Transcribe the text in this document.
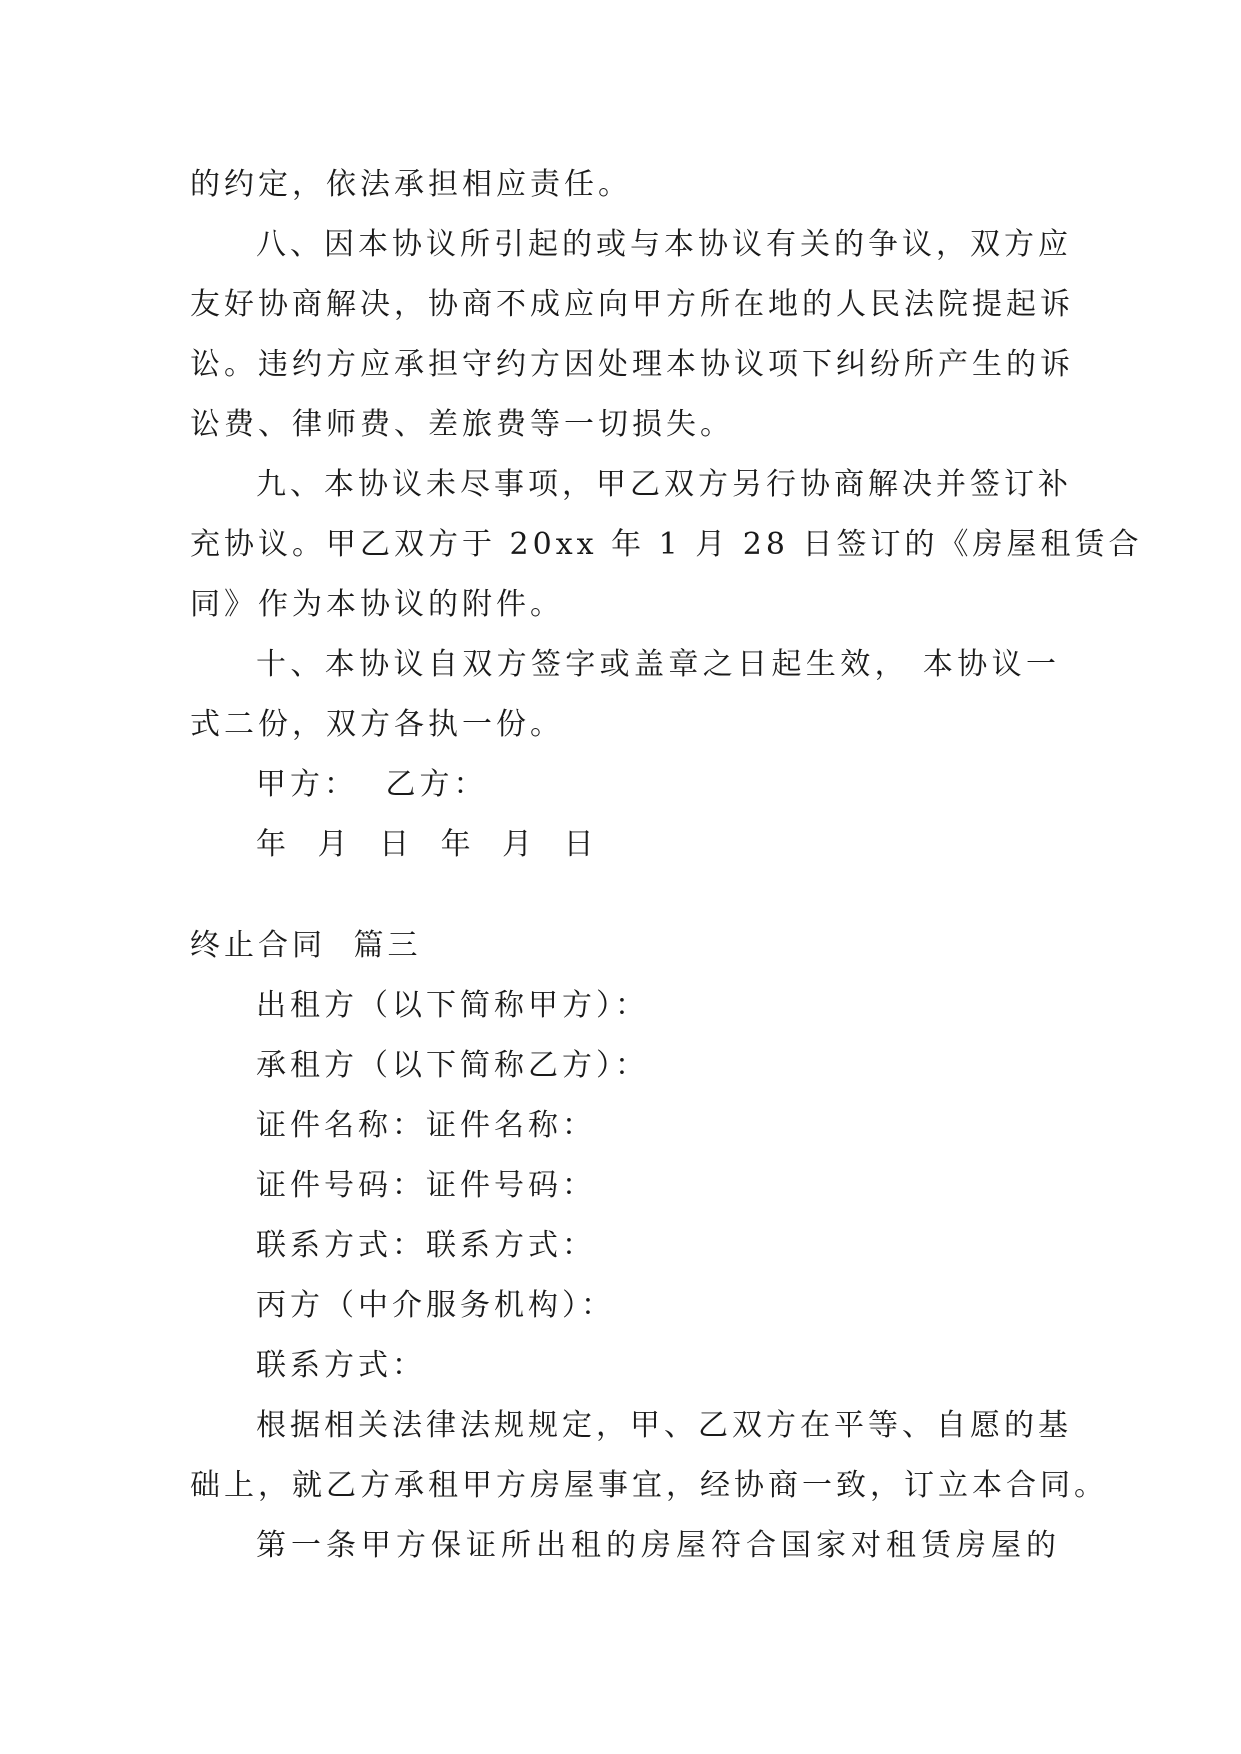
的约定，依法承担相应责任。
八、因本协议所引起的或与本协议有关的争议，双方应
友好协商解决，协商不成应向甲方所在地的人民法院提起诉
讼。违约方应承担守约方因处理本协议项下纠纷所产生的诉
讼费、律师费、差旅费等一切损失。
九、本协议未尽事项，甲乙双方另行协商解决并签订补
充协议。甲乙双方于 20xx 年 1 月 28 日签订的《房屋租赁合
同》作为本协议的附件。
十、本协议自双方签字或盖章之日起生效， 本协议一
式二份，双方各执一份。
甲方： 乙方：
年 月 日 年 月 日
终止合同 篇三
出租方（以下简称甲方）：
承租方（以下简称乙方）：
证件名称：证件名称：
证件号码：证件号码：
联系方式：联系方式：
丙方（中介服务机构）：
联系方式：
根据相关法律法规规定，甲、乙双方在平等、自愿的基
础上，就乙方承租甲方房屋事宜，经协商一致，订立本合同。
第一条甲方保证所出租的房屋符合国家对租赁房屋的
